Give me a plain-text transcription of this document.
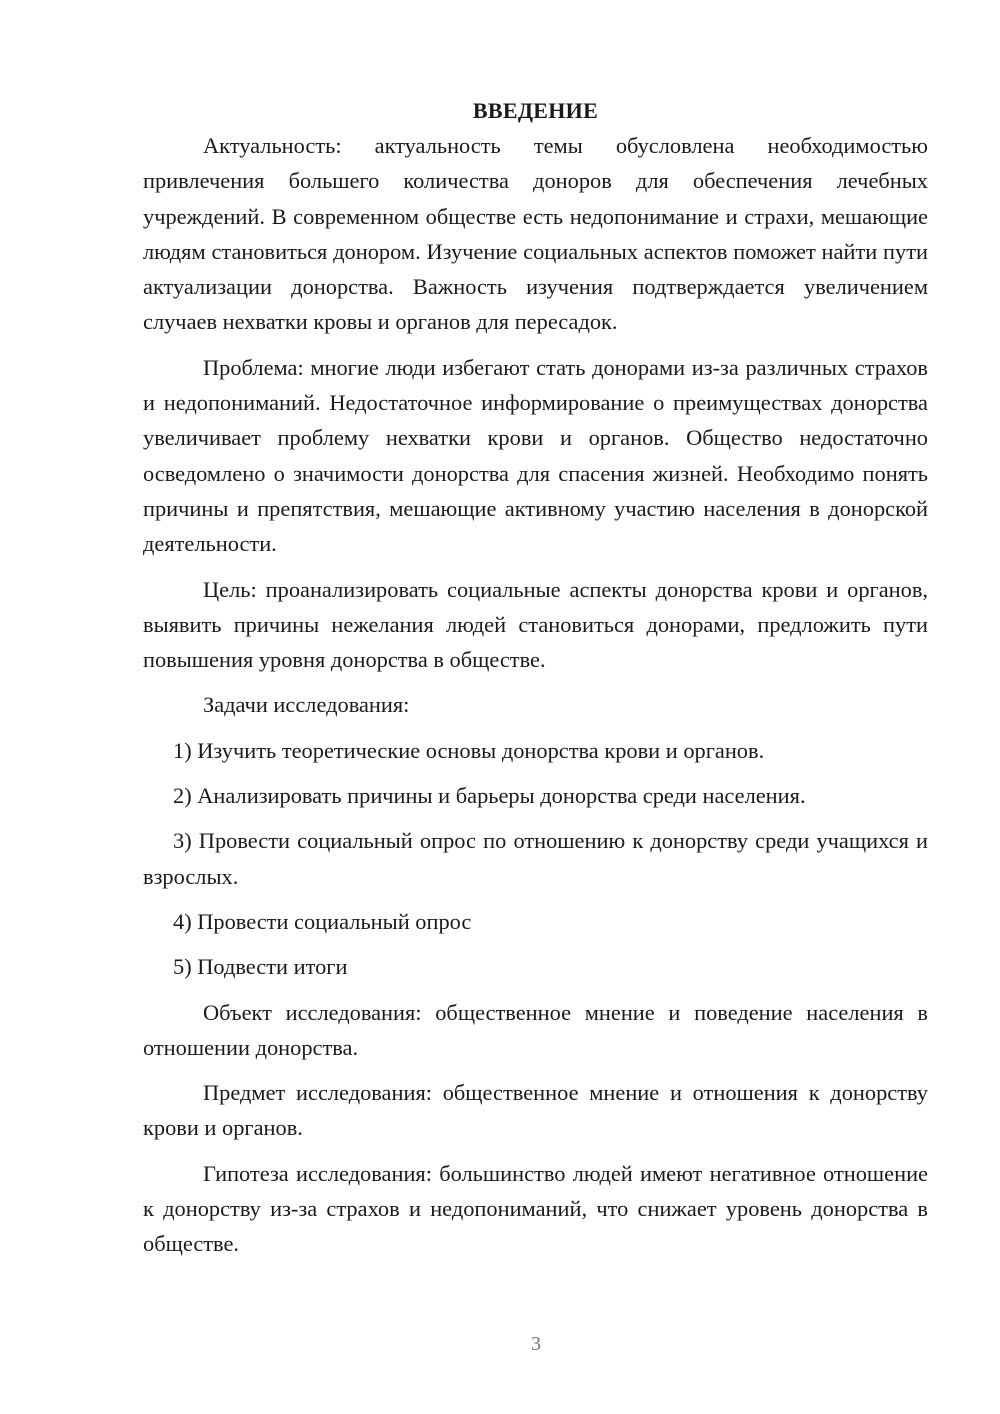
ВВЕДЕНИЕ

Актуальность: актуальность темы обусловлена необходимостью привлечения большего количества доноров для обеспечения лечебных учреждений. В современном обществе есть недопонимание и страхи, мешающие людям становиться донором. Изучение социальных аспектов поможет найти пути актуализации донорства. Важность изучения подтверждается увеличением случаев нехватки кровы и органов для пересадок.

Проблема: многие люди избегают стать донорами из-за различных страхов и недопониманий. Недостаточное информирование о преимуществах донорства увеличивает проблему нехватки крови и органов. Общество недостаточно осведомлено о значимости донорства для спасения жизней. Необходимо понять причины и препятствия, мешающие активному участию населения в донорской деятельности.

Цель: проанализировать социальные аспекты донорства крови и органов, выявить причины нежелания людей становиться донорами, предложить пути повышения уровня донорства в обществе.

Задачи исследования:

1) Изучить теоретические основы донорства крови и органов.

2) Анализировать причины и барьеры донорства среди населения.

3) Провести социальный опрос по отношению к донорству среди учащихся и взрослых.

4) Провести социальный опрос

5) Подвести итоги

Объект исследования: общественное мнение и поведение населения в отношении донорства.

Предмет исследования: общественное мнение и отношения к донорству крови и органов.

Гипотеза исследования: большинство людей имеют негативное отношение к донорству из-за страхов и недопониманий, что снижает уровень донорства в обществе.

3
